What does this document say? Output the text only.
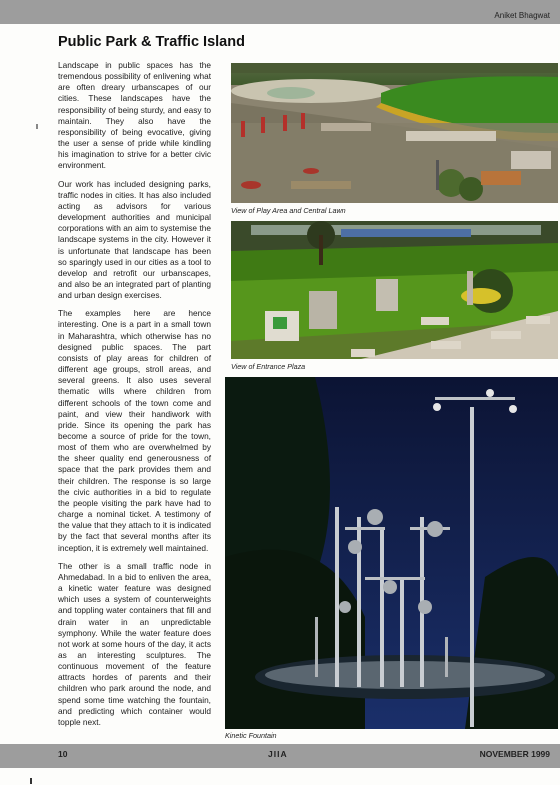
Aniket Bhagwat
Public Park & Traffic Island

Landscape in public spaces has the tremendous possibility of enlivening what are often dreary urbanscapes of our cities. These landscapes have the responsibility of being sturdy, and easy to maintain. They also have the responsibility of being evocative, giving the user a sense of pride while kindling his imagination to strive for a better civic environment.

Our work has included designing parks, traffic nodes in cities. It has also included acting as advisors for various development authorities and municipal corporations with an aim to systemise the landscape systems in the city. However it is unfortunate that landscape has been so sparingly used in our cities as a tool to develop and retrofit our urbanscapes, and also be an integrated part of planting and urban design exercises.

The examples here are hence interesting. One is a part in a small town in Maharashtra, which otherwise has no designed public spaces. The part consists of play areas for children of different age groups, stroll areas, and several greens. It also uses several thematic wills where children from different schools of the town come and paint, and view their handiwork with pride. Since its opening the park has become a source of pride for the town, most of them who are overwhelmed by the sheer quality end generousness of space that the park provides them and their children. The response is so large the civic authorities in a bid to regulate the people visiting the park have had to charge a nominal ticket. A testimony of the value that they attach to it is indicated by the fact that several months after its inception, it is extremely well maintained.

The other is a small traffic node in Ahmedabad. In a bid to enliven the area, a kinetic water feature was designed which uses a system of counterweights and toppling water containers that fill and drain water in an unpredictable symphony. While the water feature does not work at some hours of the day, it acts as an interesting sculptures. The continuous movement of the feature attracts hordes of parents and their children who park around the node, and spend some time watching the fountain, and predicting which container would topple next.

View of Play Area and Central Lawn
View of Entrance Plaza
Kinetic Fountain
10	JIIA	NOVEMBER 1999
